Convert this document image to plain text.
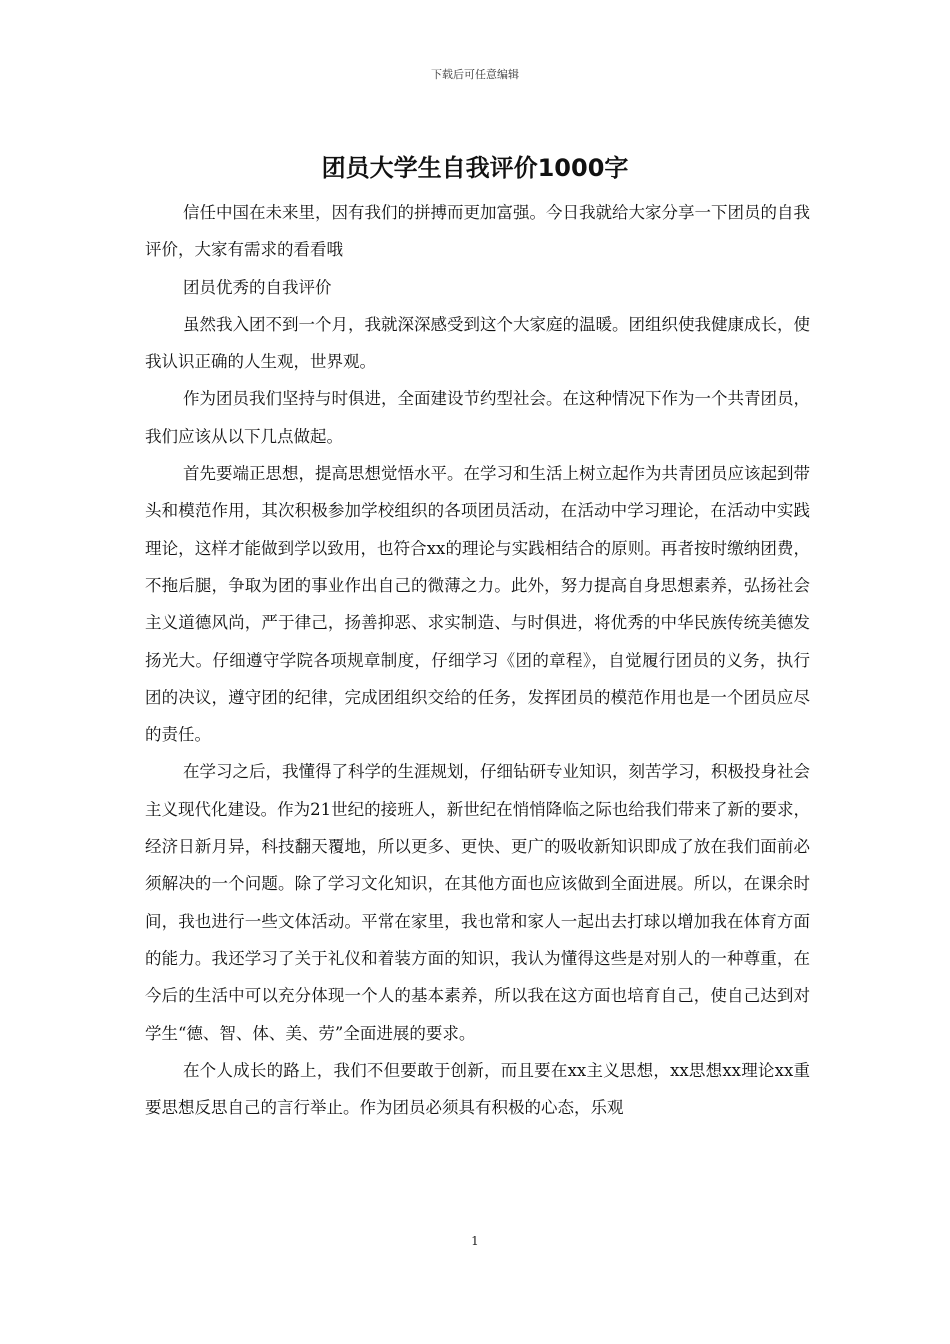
下载后可任意编辑
团员大学生自我评价1000字

信任中国在未来里，因有我们的拼搏而更加富强。今日我就给大家分享一下团员的自我评价，大家有需求的看看哦

团员优秀的自我评价

虽然我入团不到一个月，我就深深感受到这个大家庭的温暖。团组织使我健康成长，使我认识正确的人生观，世界观。

作为团员我们坚持与时俱进，全面建设节约型社会。在这种情况下作为一个共青团员，我们应该从以下几点做起。

首先要端正思想，提高思想觉悟水平。在学习和生活上树立起作为共青团员应该起到带头和模范作用，其次积极参加学校组织的各项团员活动，在活动中学习理论，在活动中实践理论，这样才能做到学以致用，也符合xx的理论与实践相结合的原则。再者按时缴纳团费，不拖后腿，争取为团的事业作出自己的微薄之力。此外，努力提高自身思想素养，弘扬社会主义道德风尚，严于律己，扬善抑恶、求实制造、与时俱进，将优秀的中华民族传统美德发扬光大。仔细遵守学院各项规章制度，仔细学习《团的章程》，自觉履行团员的义务，执行团的决议，遵守团的纪律，完成团组织交给的任务，发挥团员的模范作用也是一个团员应尽的责任。

在学习之后，我懂得了科学的生涯规划，仔细钻研专业知识，刻苦学习，积极投身社会主义现代化建设。作为21世纪的接班人，新世纪在悄悄降临之际也给我们带来了新的要求，经济日新月异，科技翻天覆地，所以更多、更快、更广的吸收新知识即成了放在我们面前必须解决的一个问题。除了学习文化知识，在其他方面也应该做到全面进展。所以，在课余时间，我也进行一些文体活动。平常在家里，我也常和家人一起出去打球以增加我在体育方面的能力。我还学习了关于礼仪和着装方面的知识，我认为懂得这些是对别人的一种尊重，在今后的生活中可以充分体现一个人的基本素养，所以我在这方面也培育自己，使自己达到对学生“德、智、体、美、劳”全面进展的要求。

在个人成长的路上，我们不但要敢于创新，而且要在xx主义思想，xx思想xx理论xx重要思想反思自己的言行举止。作为团员必须具有积极的心态，乐观

1
